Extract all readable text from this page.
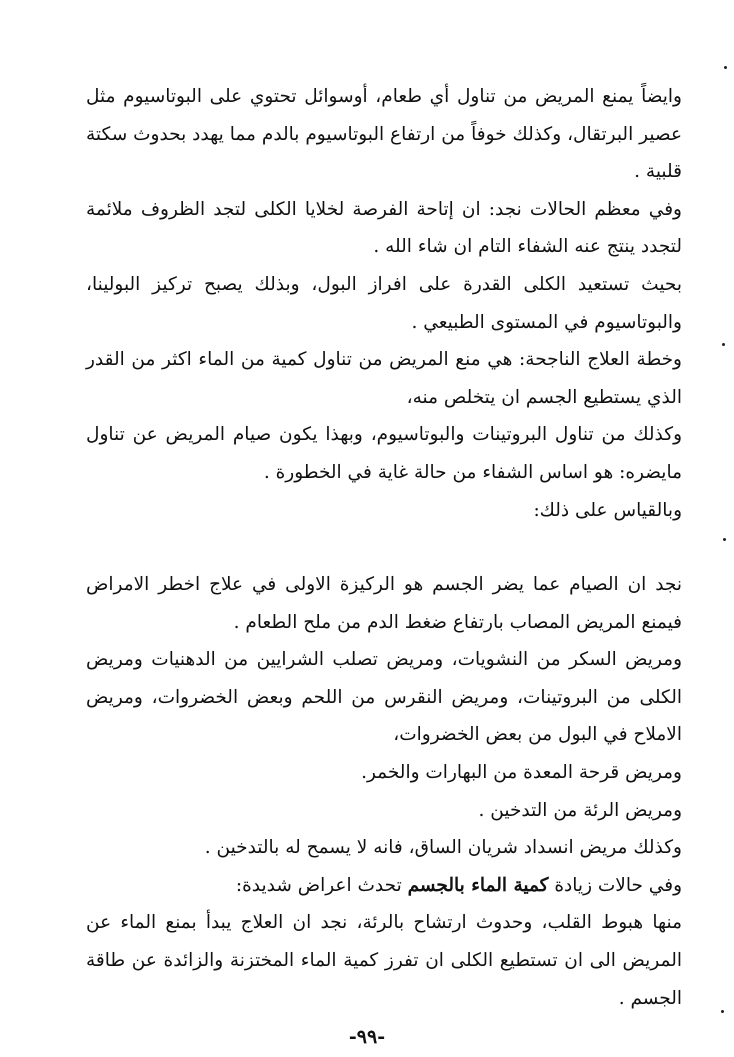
وايضاً يمنع المريض من تناول أي طعام، أوسوائل تحتوي على البوتاسيوم مثل عصير البرتقال، وكذلك خوفاً من ارتفاع البوتاسيوم بالدم مما يهدد بحدوث سكتة قلبية .

وفي معظم الحالات نجد: ان إتاحة الفرصة لخلايا الكلى لتجد الظروف ملائمة لتجدد ينتج عنه الشفاء التام ان شاء الله .

بحيث تستعيد الكلى القدرة على افراز البول، وبذلك يصبح تركيز البولينا، والبوتاسيوم في المستوى الطبيعي .

وخطة العلاج الناجحة: هي منع المريض من تناول كمية من الماء اكثر من القدر الذي يستطيع الجسم ان يتخلص منه،

وكذلك من تناول البروتينات والبوتاسيوم، وبهذا يكون صيام المريض عن تناول مايضره: هو اساس الشفاء من حالة غاية في الخطورة .

وبالقياس على ذلك:

نجد ان الصيام عما يضر الجسم هو الركيزة الاولى في علاج اخطر الامراض فيمنع المريض المصاب بارتفاع ضغط الدم من ملح الطعام .

ومريض السكر من النشويات، ومريض تصلب الشرايين من الدهنيات ومريض الكلى من البروتينات، ومريض النقرس من اللحم وبعض الخضروات، ومريض الاملاح في البول من بعض الخضروات،

ومريض قرحة المعدة من البهارات والخمر.

ومريض الرئة من التدخين .

وكذلك مريض انسداد شريان الساق، فانه لا يسمح له بالتدخين .

وفي حالات زيادة كمية الماء بالجسم تحدث اعراض شديدة:

منها هبوط القلب، وحدوث ارتشاح بالرئة، نجد ان العلاج يبدأ بمنع الماء عن المريض الى ان تستطيع الكلى ان تفرز كمية الماء المختزنة والزائدة عن طاقة الجسم .

-٩٩-
